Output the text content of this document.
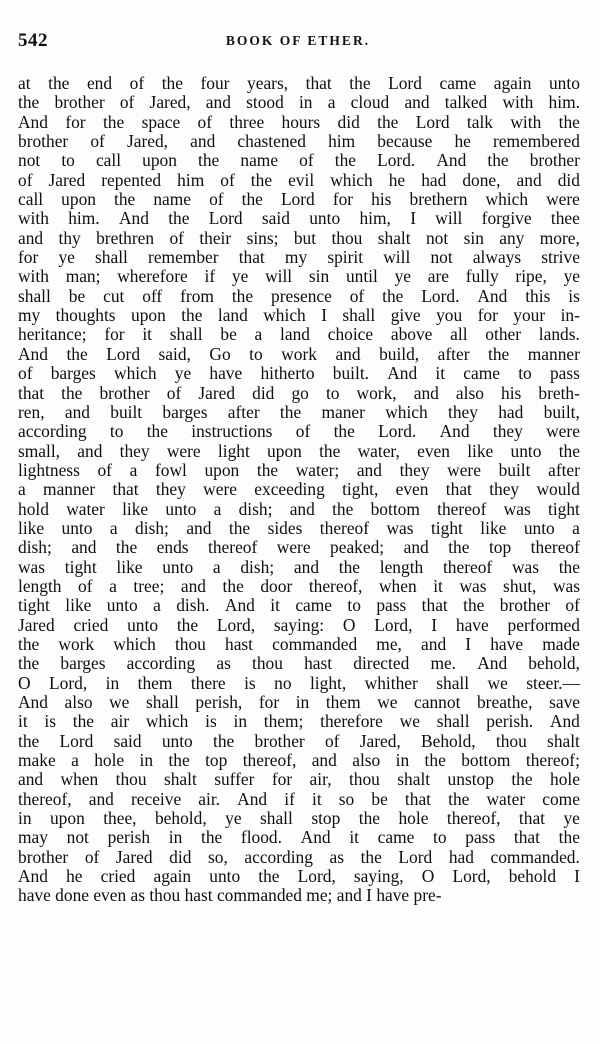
542	BOOK OF ETHER.
at the end of the four years, that the Lord came again unto
the brother of Jared, and stood in a cloud and talked with him.
And for the space of three hours did the Lord talk with the
brother of Jared, and chastened him because he remembered
not to call upon the name of the Lord. And the brother
of Jared repented him of the evil which he had done, and did
call upon the name of the Lord for his brethern which were
with him. And the Lord said unto him, I will forgive thee
and thy brethren of their sins; but thou shalt not sin any more,
for ye shall remember that my spirit will not always strive
with man; wherefore if ye will sin until ye are fully ripe, ye
shall be cut off from the presence of the Lord. And this is
my thoughts upon the land which I shall give you for your in-
heritance; for it shall be a land choice above all other lands.
And the Lord said, Go to work and build, after the manner
of barges which ye have hitherto built. And it came to pass
that the brother of Jared did go to work, and also his breth-
ren, and built barges after the maner which they had built,
according to the instructions of the Lord. And they were
small, and they were light upon the water, even like unto the
lightness of a fowl upon the water; and they were built after
a manner that they were exceeding tight, even that they would
hold water like unto a dish; and the bottom thereof was tight
like unto a dish; and the sides thereof was tight like unto a
dish; and the ends thereof were peaked; and the top thereof
was tight like unto a dish; and the length thereof was the
length of a tree; and the door thereof, when it was shut, was
tight like unto a dish. And it came to pass that the brother of
Jared cried unto the Lord, saying: O Lord, I have performed
the work which thou hast commanded me, and I have made
the barges according as thou hast directed me. And behold,
O Lord, in them there is no light, whither shall we steer.—
And also we shall perish, for in them we cannot breathe, save
it is the air which is in them; therefore we shall perish. And
the Lord said unto the brother of Jared, Behold, thou shalt
make a hole in the top thereof, and also in the bottom thereof;
and when thou shalt suffer for air, thou shalt unstop the hole
thereof, and receive air. And if it so be that the water come
in upon thee, behold, ye shall stop the hole thereof, that ye
may not perish in the flood. And it came to pass that the
brother of Jared did so, according as the Lord had commanded.
And he cried again unto the Lord, saying, O Lord, behold I
have done even as thou hast commanded me; and I have pre-
